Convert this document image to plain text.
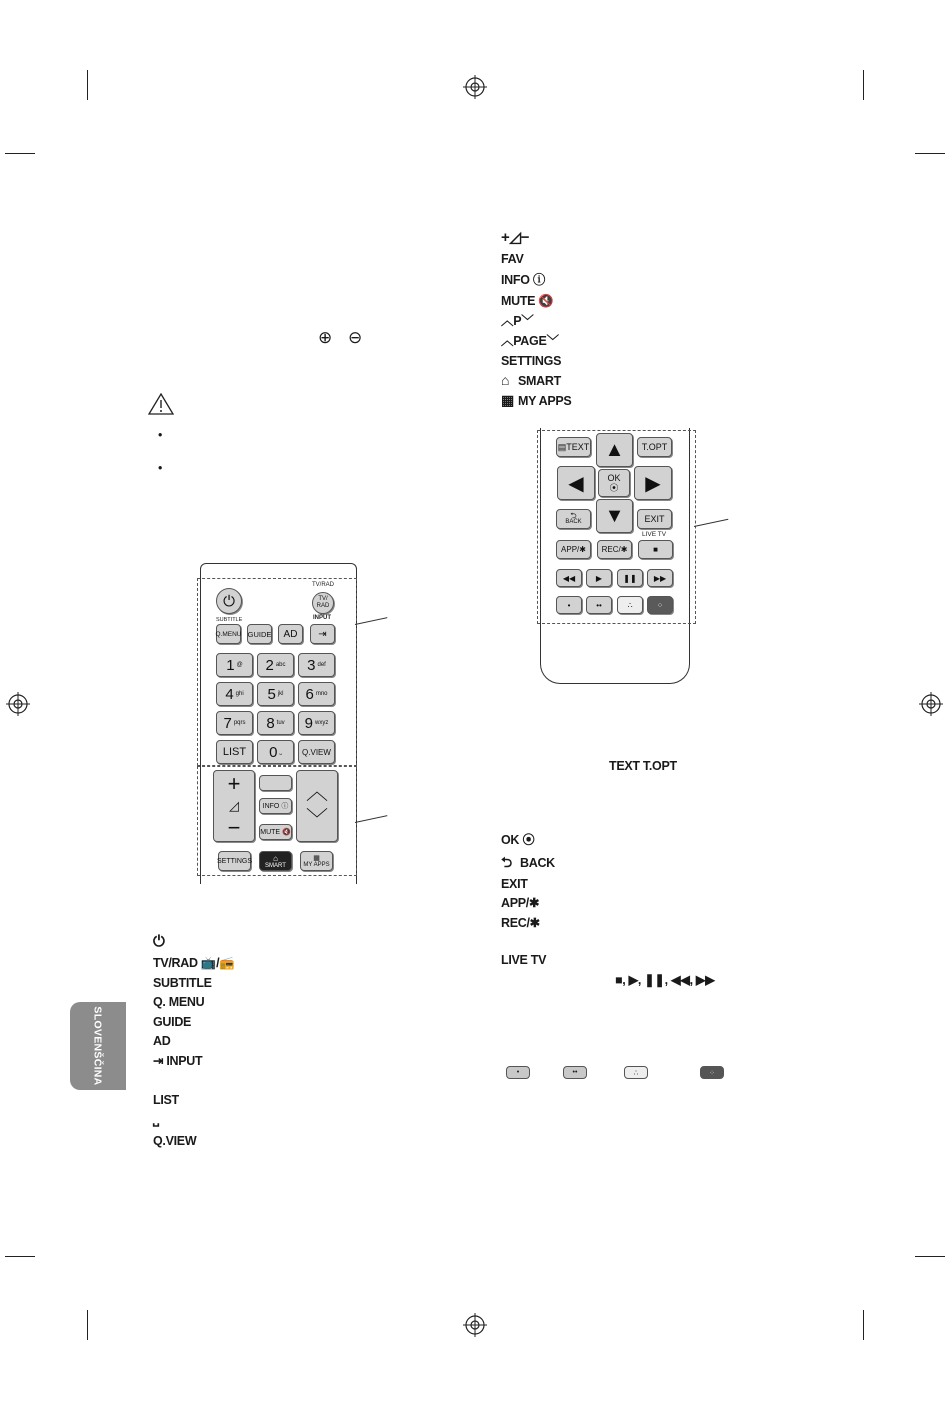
⊕ ⊖
•
•
+◿−
FAV
INFO ⓘ
MUTE 🔇
︿P﹀
︿PAGE﹀
SETTINGS
⌂ SMART
▦ MY APPS
SLOVENŠČINA
⏻
TV/RAD
TV/
RAD
SUBTITLE	INPUT
Q.MENU GUIDE AD	⇥
1 @ 2 abc 3 def
4 ghi 5 jkl 6 mno
7 pqrs 8 tuv 9 wxyz
LIST 0 ⎵	Q.VIEW
+
◿
−
INFO ⓘ
MUTE 🔇
︿
﹀
SETTINGS	⌂
SMART
▦
MY APPS
▤ TEXT ▲	T.OPT
◀	OK
⦿	▶
⮌
BACK	▼	EXIT
LIVE TV
APP/✱ REC/✱	■
◀◀	▶	❚❚	▶▶
•	••	∴	⁘
⏻
TV/RAD 📺/📻
SUBTITLE
Q. MENU
GUIDE
AD
⇥ INPUT
LIST
⎵
Q.VIEW
TEXT T.OPT
OK ⦿
⮌ BACK
EXIT
APP/✱
REC/✱
LIVE TV
■, ▶, ❚❚, ◀◀, ▶▶
•	••	∴	⁘
